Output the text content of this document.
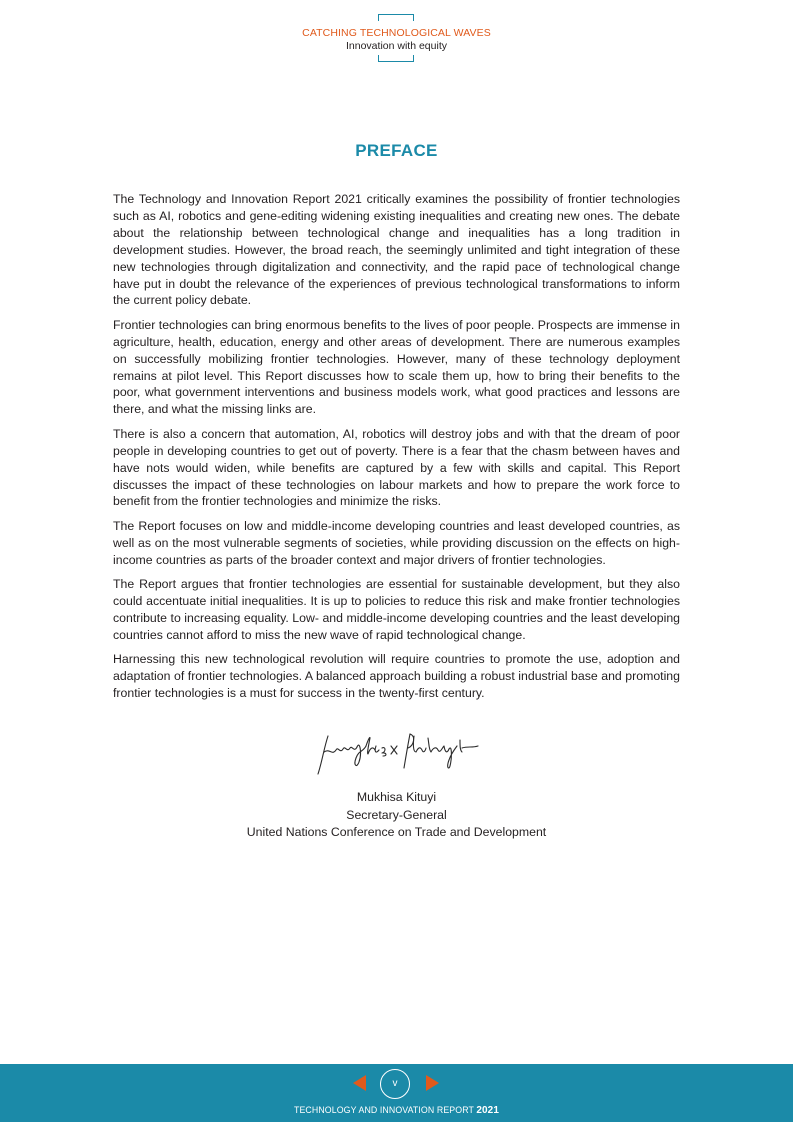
CATCHING TECHNOLOGICAL WAVES
Innovation with equity
PREFACE

The Technology and Innovation Report 2021 critically examines the possibility of frontier technologies such as AI, robotics and gene-editing widening existing inequalities and creating new ones. The debate about the relationship between technological change and inequalities has a long tradition in development studies. However, the broad reach, the seemingly unlimited and tight integration of these new technologies through digitalization and connectivity, and the rapid pace of technological change have put in doubt the relevance of the experiences of previous technological transformations to inform the current policy debate.

Frontier technologies can bring enormous benefits to the lives of poor people. Prospects are immense in agriculture, health, education, energy and other areas of development. There are numerous examples on successfully mobilizing frontier technologies. However, many of these technology deployment remains at pilot level. This Report discusses how to scale them up, how to bring their benefits to the poor, what government interventions and business models work, what good practices and lessons are there, and what the missing links are.

There is also a concern that automation, AI, robotics will destroy jobs and with that the dream of poor people in developing countries to get out of poverty. There is a fear that the chasm between haves and have nots would widen, while benefits are captured by a few with skills and capital. This Report discusses the impact of these technologies on labour markets and how to prepare the work force to benefit from the frontier technologies and minimize the risks.

The Report focuses on low and middle-income developing countries and least developed countries, as well as on the most vulnerable segments of societies, while providing discussion on the effects on high-income countries as parts of the broader context and major drivers of frontier technologies.

The Report argues that frontier technologies are essential for sustainable development, but they also could accentuate initial inequalities. It is up to policies to reduce this risk and make frontier technologies contribute to increasing equality. Low- and middle-income developing countries and the least developing countries cannot afford to miss the new wave of rapid technological change.

Harnessing this new technological revolution will require countries to promote the use, adoption and adaptation of frontier technologies. A balanced approach building a robust industrial base and promoting frontier technologies is a must for success in the twenty-first century.

Mukhisa Kituyi
Secretary-General
United Nations Conference on Trade and Development
v
TECHNOLOGY AND INNOVATION REPORT 2021
